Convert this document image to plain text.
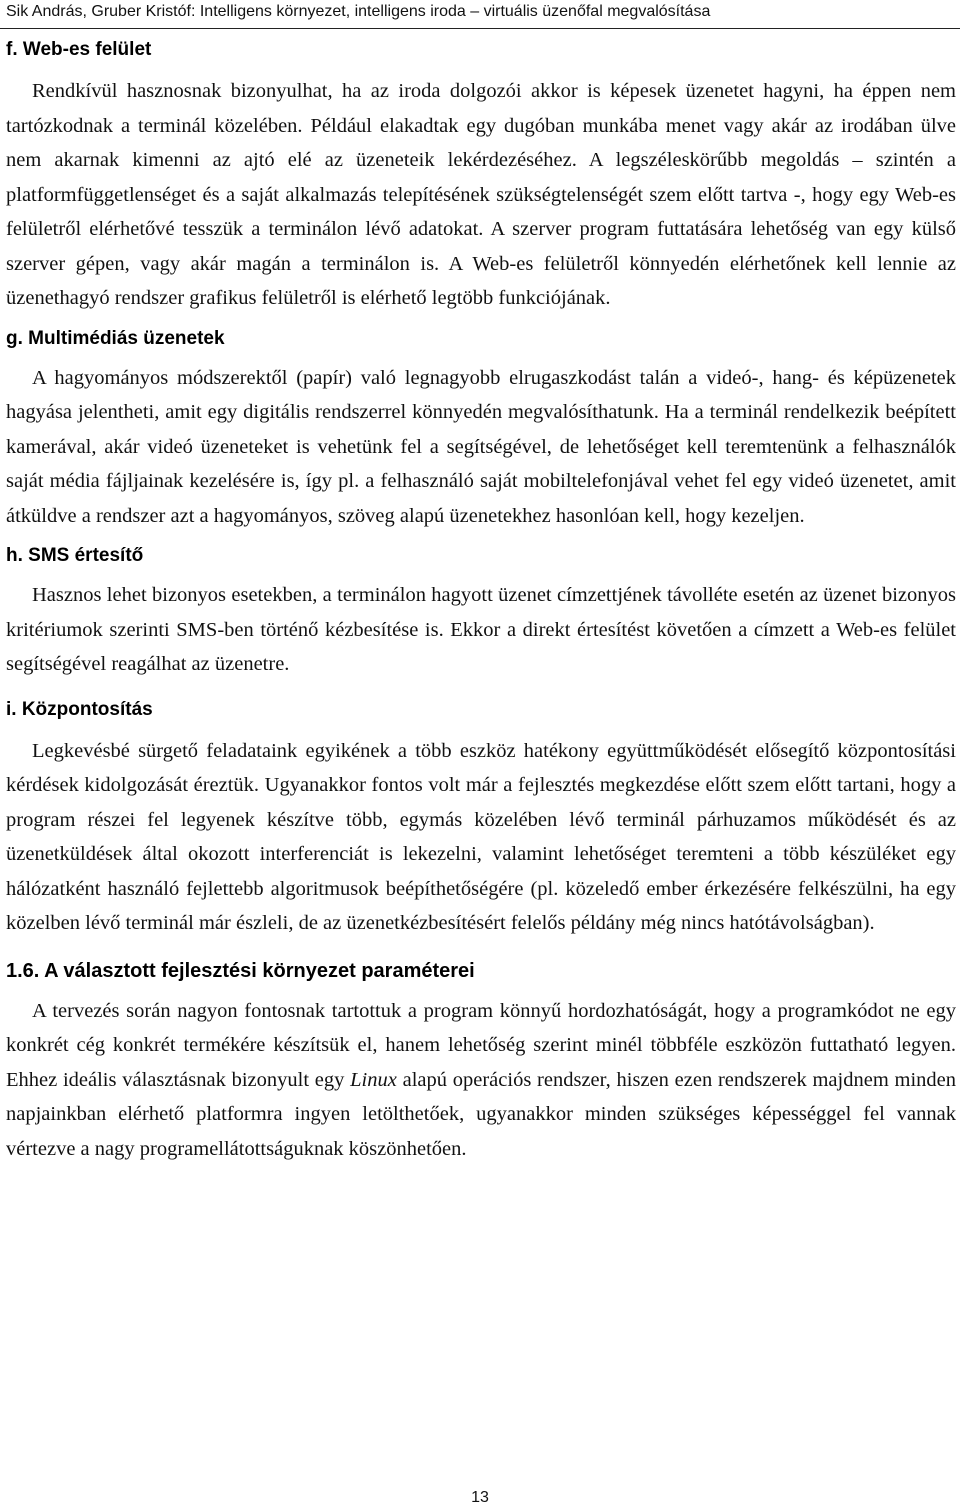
Sik András, Gruber Kristóf: Intelligens környezet, intelligens iroda – virtuális üzenőfal megvalósítása
f. Web-es felület

Rendkívül hasznosnak bizonyulhat, ha az iroda dolgozói akkor is képesek üzenetet hagyni, ha éppen nem tartózkodnak a terminál közelében. Például elakadtak egy dugóban munkába menet vagy akár az irodában ülve nem akarnak kimenni az ajtó elé az üzeneteik lekérdezéséhez. A legszéleskörűbb megoldás – szintén a platformfüggetlenséget és a saját alkalmazás telepítésének szükségtelenségét szem előtt tartva -, hogy egy Web-es felületről elérhetővé tesszük a terminálon lévő adatokat. A szerver program futtatására lehetőség van egy külső szerver gépen, vagy akár magán a terminálon is. A Web-es felületről könnyedén elérhetőnek kell lennie az üzenethagyó rendszer grafikus felületről is elérhető legtöbb funkciójának.

g. Multimédiás üzenetek

A hagyományos módszerektől (papír) való legnagyobb elrugaszkodást talán a videó-, hang- és képüzenetek hagyása jelentheti, amit egy digitális rendszerrel könnyedén megvalósíthatunk. Ha a terminál rendelkezik beépített kamerával, akár videó üzeneteket is vehetünk fel a segítségével, de lehetőséget kell teremtenünk a felhasználók saját média fájljainak kezelésére is, így pl. a felhasználó saját mobiltelefonjával vehet fel egy videó üzenetet, amit átküldve a rendszer azt a hagyományos, szöveg alapú üzenetekhez hasonlóan kell, hogy kezeljen.

h. SMS értesítő

Hasznos lehet bizonyos esetekben, a terminálon hagyott üzenet címzettjének távolléte esetén az üzenet bizonyos kritériumok szerinti SMS-ben történő kézbesítése is. Ekkor a direkt értesítést követően a címzett a Web-es felület segítségével reagálhat az üzenetre.

i. Központosítás

Legkevésbé sürgető feladataink egyikének a több eszköz hatékony együttműködését elősegítő központosítási kérdések kidolgozását éreztük. Ugyanakkor fontos volt már a fejlesztés megkezdése előtt szem előtt tartani, hogy a program részei fel legyenek készítve több, egymás közelében lévő terminál párhuzamos működését és az üzenetküldések által okozott interferenciát is lekezelni, valamint lehetőséget teremteni a több készüléket egy hálózatként használó fejlettebb algoritmusok beépíthetőségére (pl. közeledő ember érkezésére felkészülni, ha egy közelben lévő terminál már észleli, de az üzenetkézbesítésért felelős példány még nincs hatótávolságban).

1.6. A választott fejlesztési környezet paraméterei

A tervezés során nagyon fontosnak tartottuk a program könnyű hordozhatóságát, hogy a programkódot ne egy konkrét cég konkrét termékére készítsük el, hanem lehetőség szerint minél többféle eszközön futtatható legyen. Ehhez ideális választásnak bizonyult egy Linux alapú operációs rendszer, hiszen ezen rendszerek majdnem minden napjainkban elérhető platformra ingyen letölthetőek, ugyanakkor minden szükséges képességgel fel vannak vértezve a nagy programellátottságuknak köszönhetően.

13
